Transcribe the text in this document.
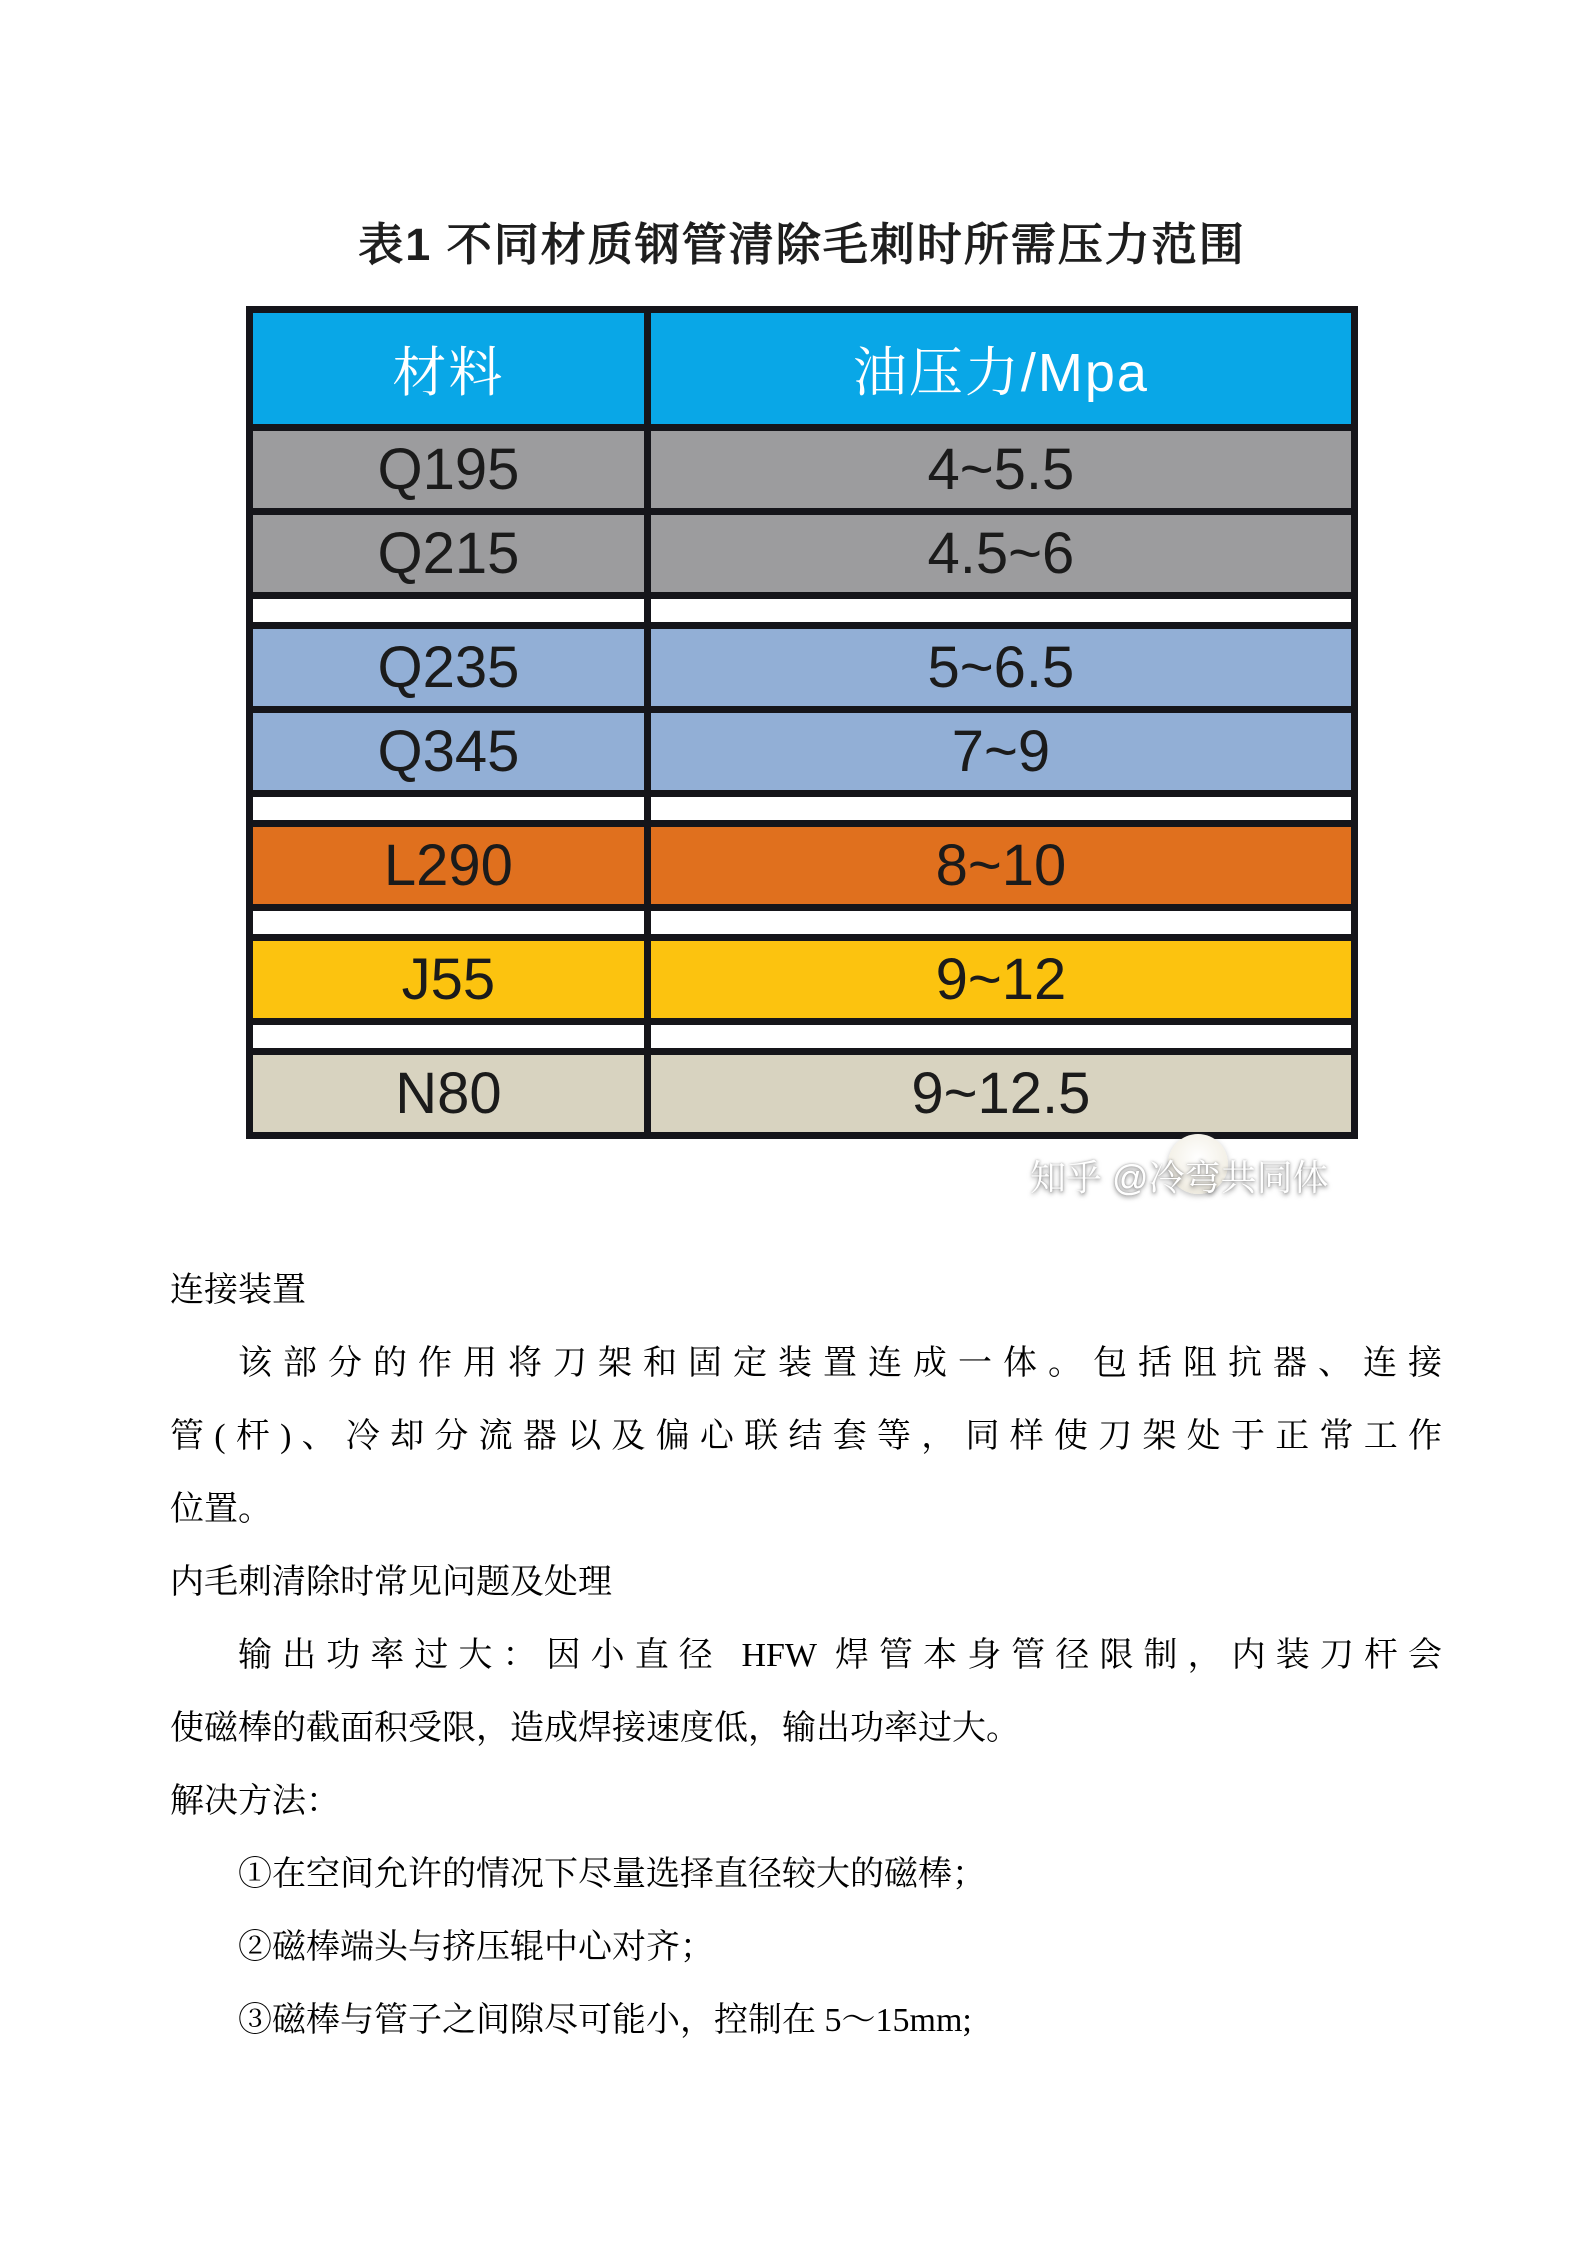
表1 不同材质钢管清除毛刺时所需压力范围
材料	油压力/Mpa
Q195	4~5.5
Q215	4.5~6

Q235	5~6.5
Q345	7~9

L290	8~10

J55	9~12

N80	9~12.5
知乎 @冷弯共同体
连接装置
该部分的作用将刀架和固定装置连成一体。包括阻抗器、连接
管(杆)、冷却分流器以及偏心联结套等，同样使刀架处于正常工作
位置。
内毛刺清除时常见问题及处理
输出功率过大：因小直径 HFW 焊管本身管径限制，内装刀杆会
使磁棒的截面积受限，造成焊接速度低，输出功率过大。
解决方法：
①在空间允许的情况下尽量选择直径较大的磁棒；
②磁棒端头与挤压辊中心对齐；
③磁棒与管子之间隙尽可能小，控制在 5～15mm;
